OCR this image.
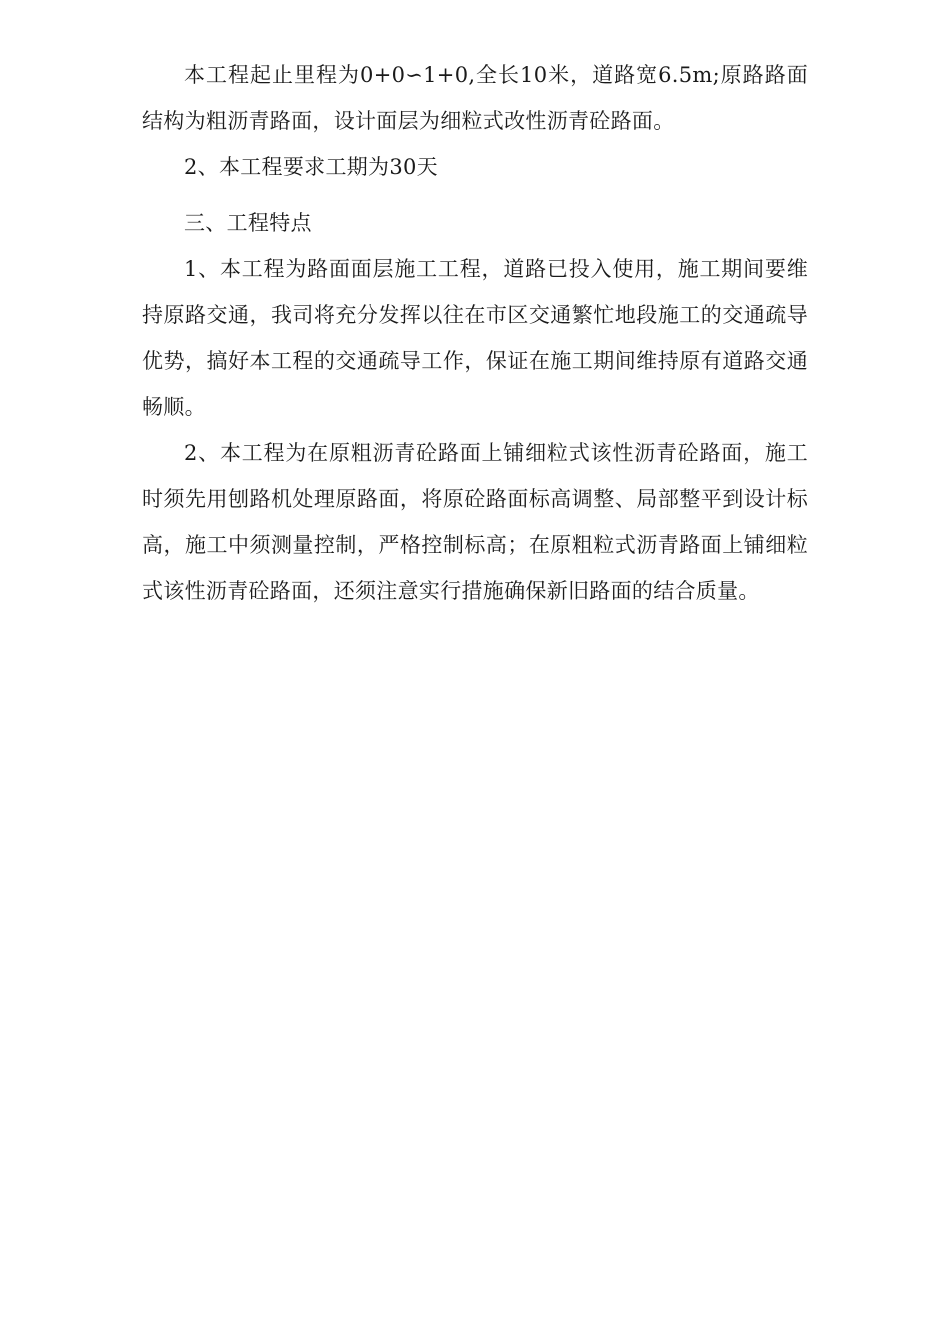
本工程起止里程为0+0∽1+0,全长10米，道路宽6.5m;原路路面结构为粗沥青路面，设计面层为细粒式改性沥青砼路面。

2、本工程要求工期为30天

三、工程特点

1、本工程为路面面层施工工程，道路已投入使用，施工期间要维持原路交通，我司将充分发挥以往在市区交通繁忙地段施工的交通疏导优势，搞好本工程的交通疏导工作，保证在施工期间维持原有道路交通畅顺。

2、本工程为在原粗沥青砼路面上铺细粒式该性沥青砼路面，施工时须先用刨路机处理原路面，将原砼路面标高调整、局部整平到设计标高，施工中须测量控制，严格控制标高；在原粗粒式沥青路面上铺细粒式该性沥青砼路面，还须注意实行措施确保新旧路面的结合质量。
